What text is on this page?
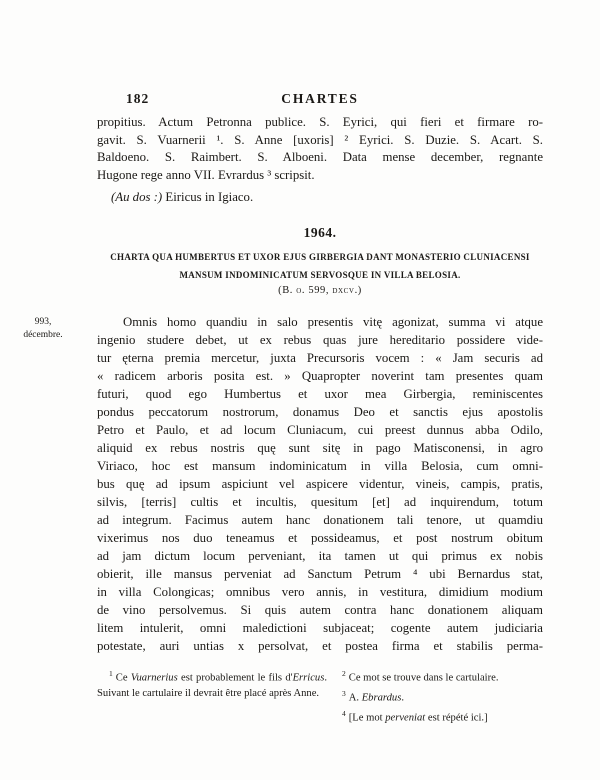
182	CHARTES
propitius. Actum Petronna publice. S. Eyrici, qui fieri et firmare ro-
gavit. S. Vuarnerii ¹. S. Anne [uxoris] ² Eyrici. S. Duzie. S. Acart. S.
Baldoeno. S. Raimbert. S. Alboeni. Data mense december, regnante
Hugone rege anno VII. Evrardus ³ scripsit.
(Au dos :) Eiricus in Igiaco.
1964.
CHARTA QUA HUMBERTUS ET UXOR EJUS GIRBERGIA DANT MONASTERIO CLUNIACENSI
MANSUM INDOMINICATUM SERVOSQUE IN VILLA BELOSIA.
(B. o. 599, dxcv.)
993,
décembre.
Omnis homo quandiu in salo presentis vitę agonizat, summa vi atque
ingenio studere debet, ut ex rebus quas jure hereditario possidere vide-
tur ęterna premia mercetur, juxta Precursoris vocem : « Jam securis ad
« radicem arboris posita est. » Quapropter noverint tam presentes quam
futuri, quod ego Humbertus et uxor mea Girbergia, reminiscentes
pondus peccatorum nostrorum, donamus Deo et sanctis ejus apostolis
Petro et Paulo, et ad locum Cluniacum, cui preest dunnus abba Odilo,
aliquid ex rebus nostris quę sunt sitę in pago Matisconensi, in agro
Viriaco, hoc est mansum indominicatum in villa Belosia, cum omni-
bus quę ad ipsum aspiciunt vel aspicere videntur, vineis, campis, pratis,
silvis, [terris] cultis et incultis, quesitum [et] ad inquirendum, totum
ad integrum. Facimus autem hanc donationem tali tenore, ut quamdiu
vixerimus nos duo teneamus et possideamus, et post nostrum obitum
ad jam dictum locum perveniant, ita tamen ut qui primus ex nobis
obierit, ille mansus perveniat ad Sanctum Petrum ⁴ ubi Bernardus stat,
in villa Colongicas; omnibus vero annis, in vestitura, dimidium modium
de vino persolvemus. Si quis autem contra hanc donationem aliquam
litem intulerit, omni maledictioni subjaceat; cogente autem judiciaria
potestate, auri untias x persolvat, et postea firma et stabilis perma-

$^1$ Ce Vuarnerius est probablement le fils d'Erricus. Suivant le cartulaire il devrait être placé après Anne.

$^2$ Ce mot se trouve dans le cartulaire.

$^3$ A. Ebrardus.

$^4$ [Le mot perveniat est répété ici.]
